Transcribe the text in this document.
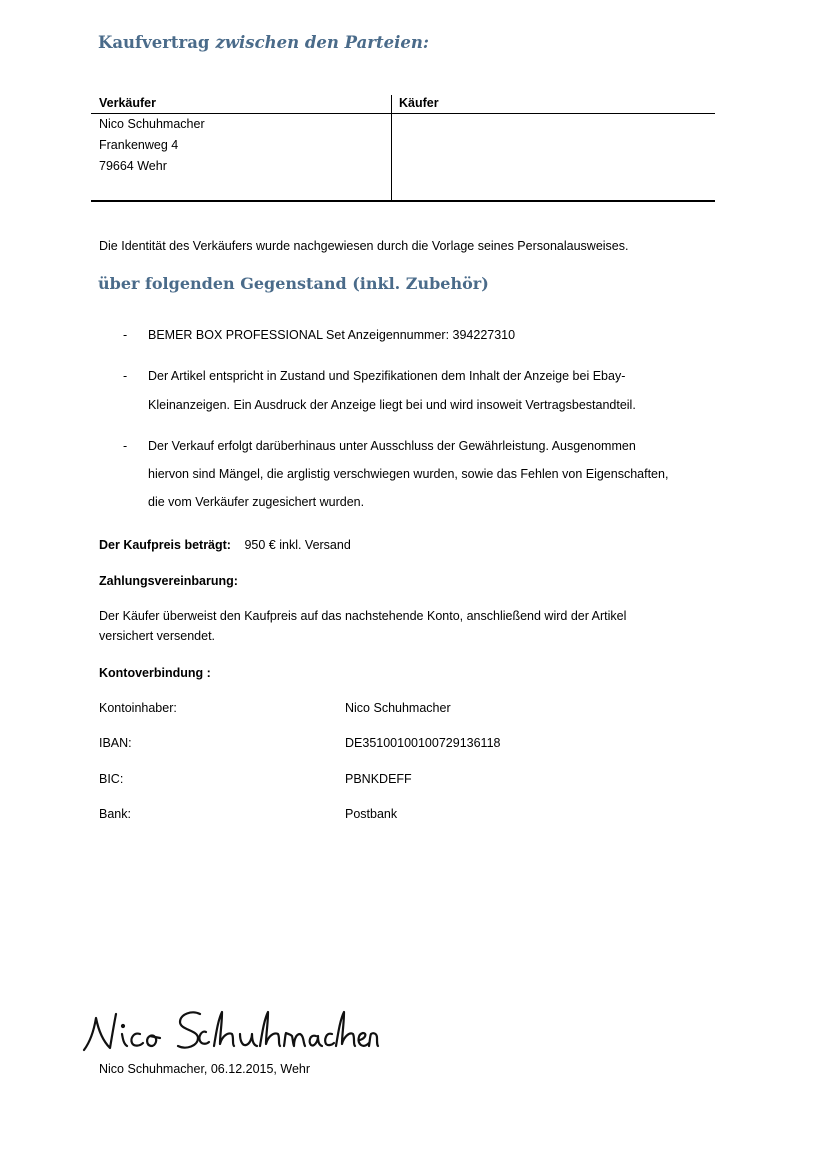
Kaufvertrag zwischen den Parteien:
Verkäufer	Käufer
Nico Schuhmacher
Frankenweg 4
79664 Wehr

Die Identität des Verkäufers wurde nachgewiesen durch die Vorlage seines Personalausweises.

über folgenden Gegenstand (inkl. Zubehör)
- BEMER BOX PROFESSIONAL Set Anzeigennummer: 394227310
- Der Artikel entspricht in Zustand und Spezifikationen dem Inhalt der Anzeige bei Ebay-
Kleinanzeigen. Ein Ausdruck der Anzeige liegt bei und wird insoweit Vertragsbestandteil.
- Der Verkauf erfolgt darüberhinaus unter Ausschluss der Gewährleistung. Ausgenommen
hiervon sind Mängel, die arglistig verschwiegen wurden, sowie das Fehlen von Eigenschaften,
die vom Verkäufer zugesichert wurden.
Der Kaufpreis beträgt: 950 € inkl. Versand
Zahlungsvereinbarung:
Der Käufer überweist den Kaufpreis auf das nachstehende Konto, anschließend wird der Artikel
versichert versendet.
Kontoverbindung :
Kontoinhaber:	Nico Schuhmacher
IBAN:	DE35100100100729136118
BIC:	PBNKDEFF
Bank:	Postbank
Nico Schuhmacher, 06.12.2015, Wehr
